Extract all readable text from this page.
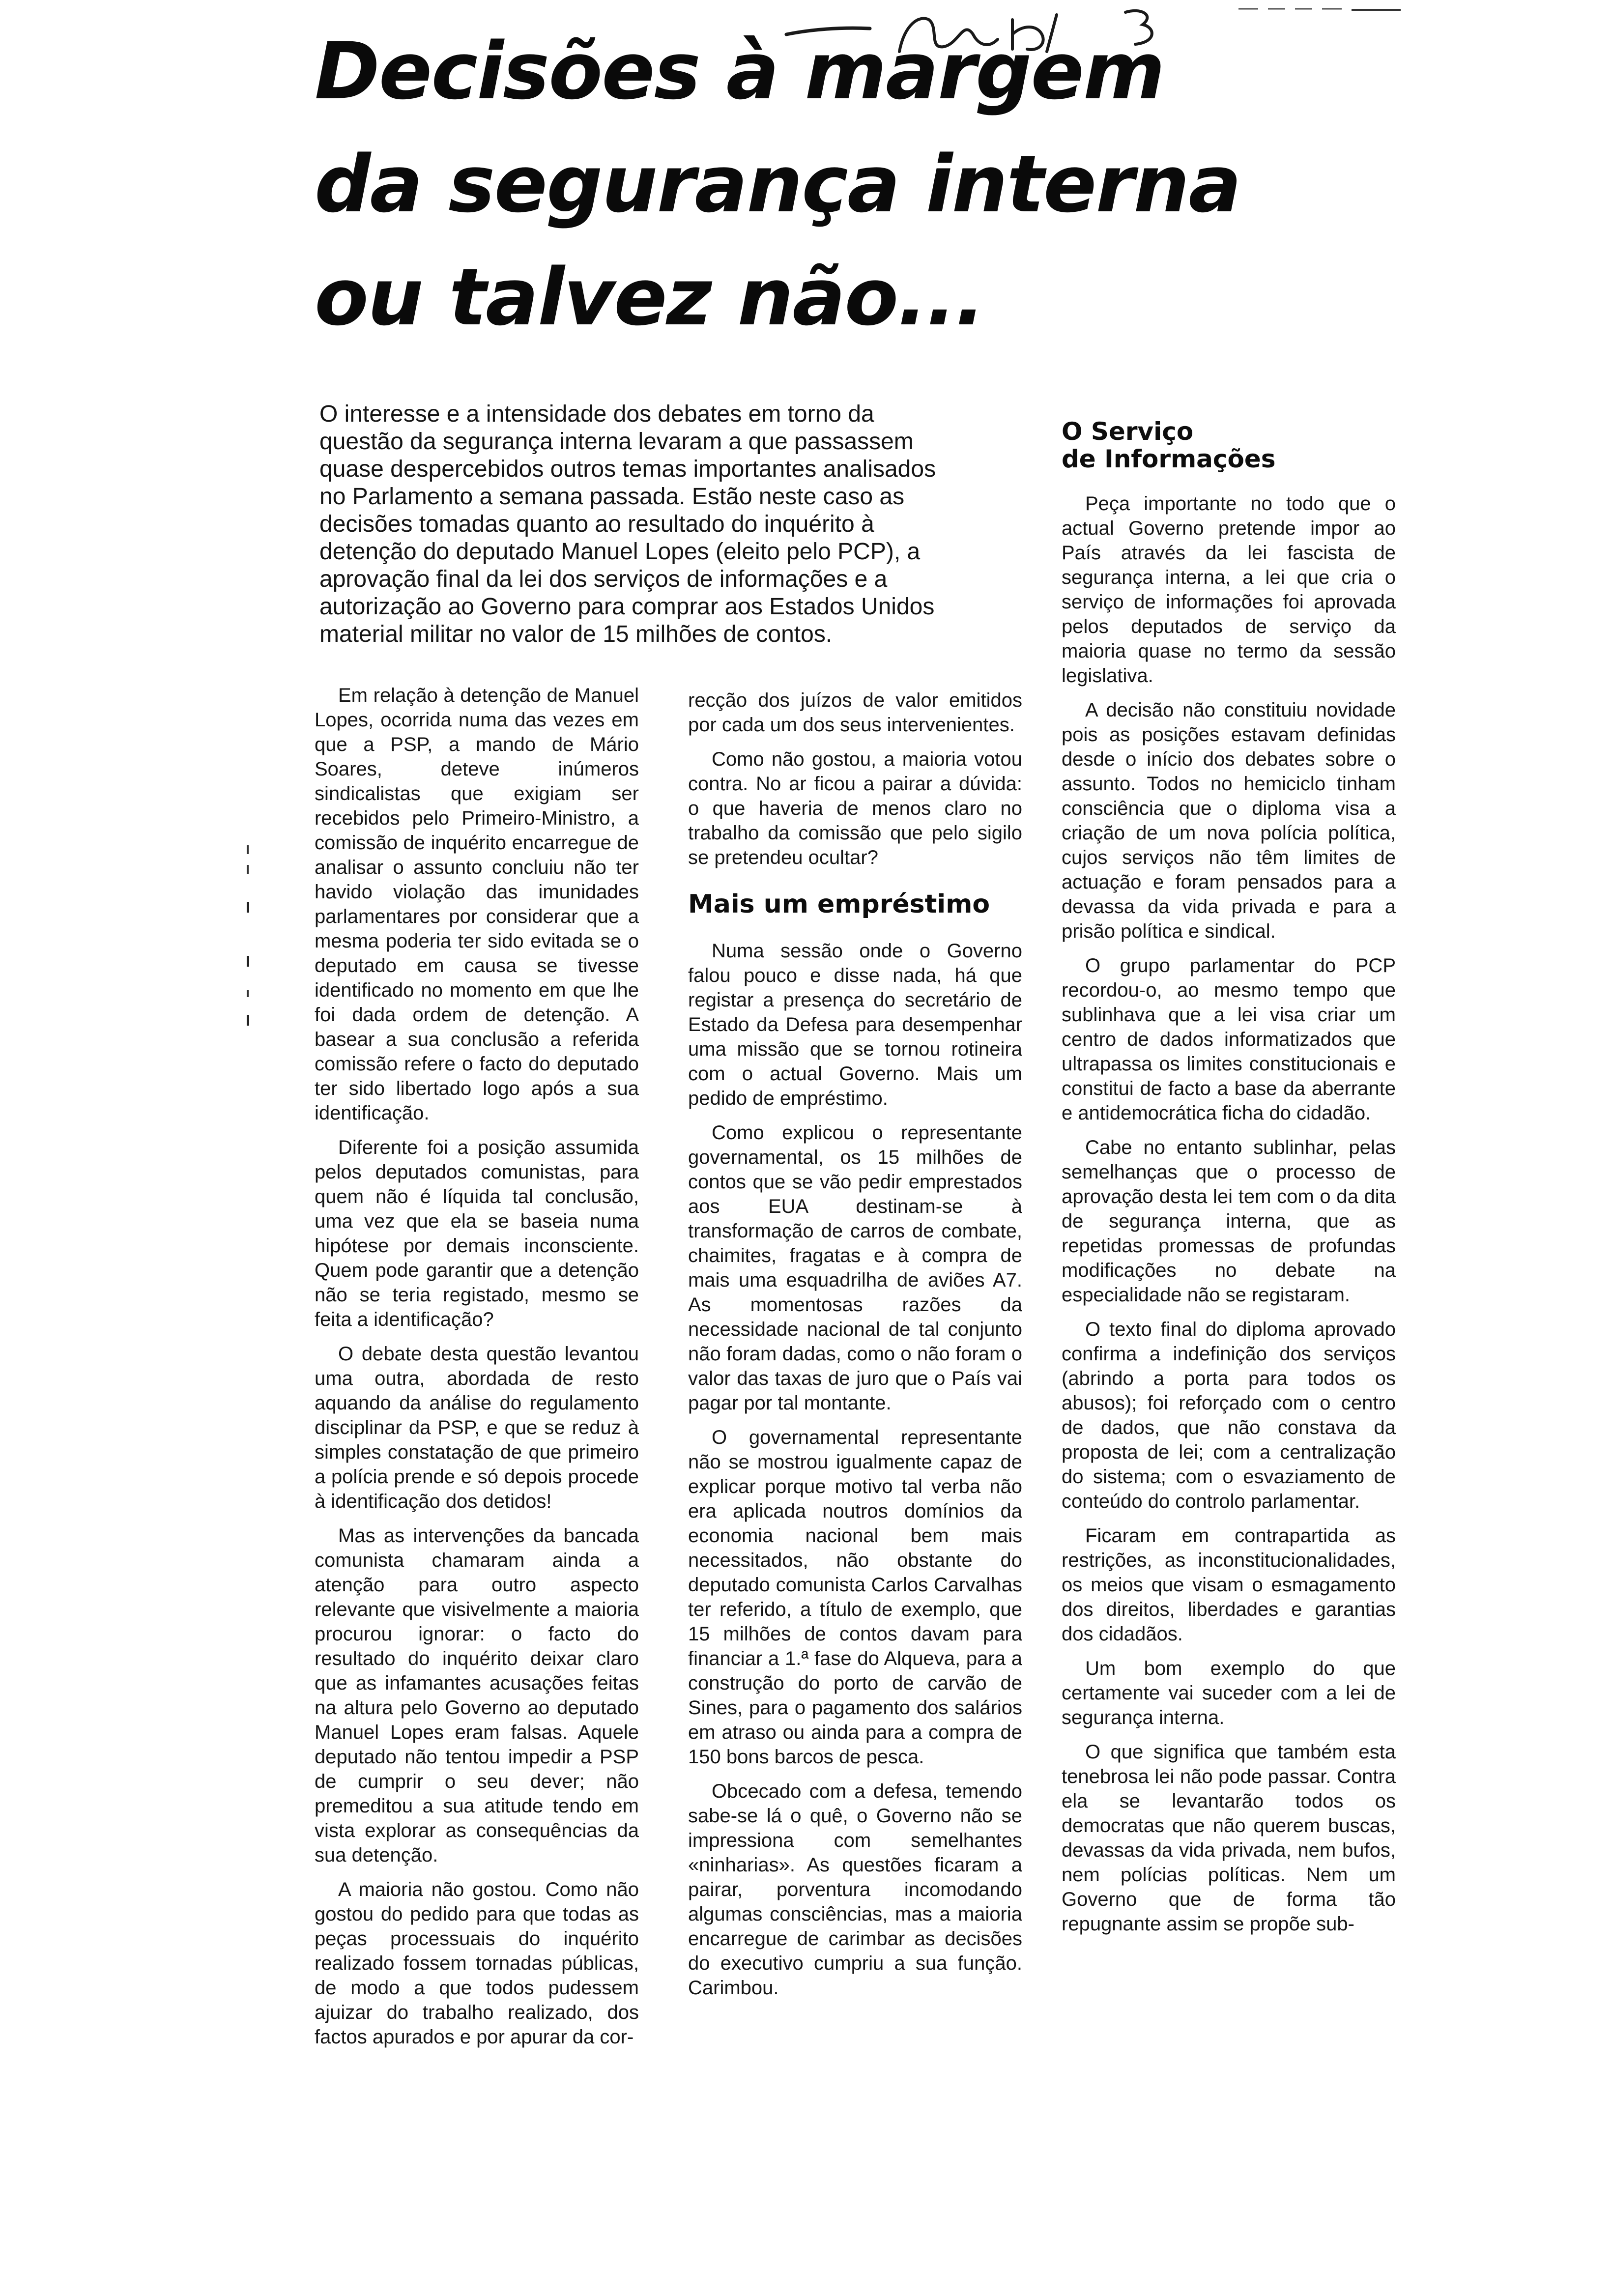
Decisões à margem
da segurança interna
ou talvez não...
O interesse e a intensidade dos debates em torno da
questão da segurança interna levaram a que passassem
quase despercebidos outros temas importantes analisados
no Parlamento a semana passada. Estão neste caso as
decisões tomadas quanto ao resultado do inquérito à
detenção do deputado Manuel Lopes (eleito pelo PCP), a
aprovação final da lei dos serviços de informações e a
autorização ao Governo para comprar aos Estados Unidos
material militar no valor de 15 milhões de contos.

Em relação à detenção de Manuel Lopes, ocorrida numa das vezes em que a PSP, a mando de Mário Soares, deteve inúmeros sindicalistas que exigiam ser recebidos pelo Primeiro-Ministro, a comissão de inquérito encarregue de analisar o assunto concluiu não ter havido violação das imunidades parlamentares por considerar que a mesma poderia ter sido evitada se o deputado em causa se tivesse identificado no momento em que lhe foi dada ordem de detenção. A basear a sua conclusão a referida comissão refere o facto do deputado ter sido libertado logo após a sua identificação.

Diferente foi a posição assumida pelos deputados comunistas, para quem não é líquida tal conclusão, uma vez que ela se baseia numa hipótese por demais inconsciente. Quem pode garantir que a detenção não se teria registado, mesmo se feita a identificação?

O debate desta questão levantou uma outra, abordada de resto aquando da análise do regulamento disciplinar da PSP, e que se reduz à simples constatação de que primeiro a polícia prende e só depois procede à identificação dos detidos!

Mas as intervenções da bancada comunista chamaram ainda a atenção para outro aspecto relevante que visivelmente a maioria procurou ignorar: o facto do resultado do inquérito deixar claro que as infamantes acusações feitas na altura pelo Governo ao deputado Manuel Lopes eram falsas. Aquele deputado não tentou impedir a PSP de cumprir o seu dever; não premeditou a sua atitude tendo em vista explorar as consequências da sua detenção.

A maioria não gostou. Como não gostou do pedido para que todas as peças processuais do inquérito realizado fossem tornadas públicas, de modo a que todos pudessem ajuizar do trabalho realizado, dos factos apurados e por apurar da cor-

recção dos juízos de valor emitidos por cada um dos seus intervenientes.

Como não gostou, a maioria votou contra. No ar ficou a pairar a dúvida: o que haveria de menos claro no trabalho da comissão que pelo sigilo se pretendeu ocultar?

Mais um empréstimo

Numa sessão onde o Governo falou pouco e disse nada, há que registar a presença do secretário de Estado da Defesa para desempenhar uma missão que se tornou rotineira com o actual Governo. Mais um pedido de empréstimo.

Como explicou o representante governamental, os 15 milhões de contos que se vão pedir emprestados aos EUA destinam-se à transformação de carros de combate, chaimites, fragatas e à compra de mais uma esquadrilha de aviões A7. As momentosas razões da necessidade nacional de tal conjunto não foram dadas, como o não foram o valor das taxas de juro que o País vai pagar por tal montante.

O governamental representante não se mostrou igualmente capaz de explicar porque motivo tal verba não era aplicada noutros domínios da economia nacional bem mais necessitados, não obstante do deputado comunista Carlos Carvalhas ter referido, a título de exemplo, que 15 milhões de contos davam para financiar a 1.ª fase do Alqueva, para a construção do porto de carvão de Sines, para o pagamento dos salários em atraso ou ainda para a compra de 150 bons barcos de pesca.

Obcecado com a defesa, temendo sabe-se lá o quê, o Governo não se impressiona com semelhantes «ninharias». As questões ficaram a pairar, porventura incomodando algumas consciências, mas a maioria encarregue de carimbar as decisões do executivo cumpriu a sua função. Carimbou.

O Serviço
de Informações

Peça importante no todo que o actual Governo pretende impor ao País através da lei fascista de segurança interna, a lei que cria o serviço de informações foi aprovada pelos deputados de serviço da maioria quase no termo da sessão legislativa.

A decisão não constituiu novidade pois as posições estavam definidas desde o início dos debates sobre o assunto. Todos no hemiciclo tinham consciência que o diploma visa a criação de um nova polícia política, cujos serviços não têm limites de actuação e foram pensados para a devassa da vida privada e para a prisão política e sindical.

O grupo parlamentar do PCP recordou-o, ao mesmo tempo que sublinhava que a lei visa criar um centro de dados informatizados que ultrapassa os limites constitucionais e constitui de facto a base da aberrante e antidemocrática ficha do cidadão.

Cabe no entanto sublinhar, pelas semelhanças que o processo de aprovação desta lei tem com o da dita de segurança interna, que as repetidas promessas de profundas modificações no debate na especialidade não se registaram.

O texto final do diploma aprovado confirma a indefinição dos serviços (abrindo a porta para todos os abusos); foi reforçado com o centro de dados, que não constava da proposta de lei; com a centralização do sistema; com o esvaziamento de conteúdo do controlo parlamentar.

Ficaram em contrapartida as restrições, as inconstitucionalidades, os meios que visam o esmagamento dos direitos, liberdades e garantias dos cidadãos.

Um bom exemplo do que certamente vai suceder com a lei de segurança interna.

O que significa que também esta tenebrosa lei não pode passar. Contra ela se levantarão todos os democratas que não querem buscas, devassas da vida privada, nem bufos, nem polícias políticas. Nem um Governo que de forma tão repugnante assim se propõe sub-
